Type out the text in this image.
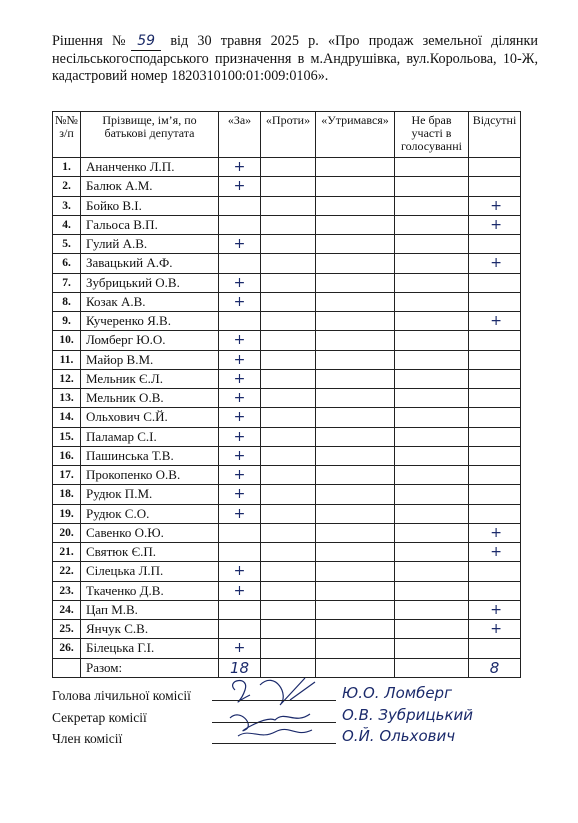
Рішення № 59 від 30 травня 2025 р. «Про продаж земельної ділянки несільськогосподарського призначення в м.Андрушівка, вул.Корольова, 10-Ж, кадастровий номер 1820310100:01:009:0106».
№№ з/п	Прізвище, ім’я, по батькові депутата	«За»	«Проти»	«Утримався»	Не брав участі в голосуванні	Відсутні
1.	Ананченко Л.П.	+				
2.	Балюк А.М.	+				
3.	Бойко В.І.					+
4.	Гальоса В.П.					+
5.	Гулий А.В.	+				
6.	Завацький А.Ф.					+
7.	Зубрицький О.В.	+				
8.	Козак А.В.	+				
9.	Кучеренко Я.В.					+
10.	Ломберг Ю.О.	+				
11.	Майор В.М.	+				
12.	Мельник Є.Л.	+				
13.	Мельник О.В.	+				
14.	Ольхович С.Й.	+				
15.	Паламар С.І.	+				
16.	Пашинська Т.В.	+				
17.	Прокопенко О.В.	+				
18.	Рудюк П.М.	+				
19.	Рудюк С.О.	+				
20.	Савенко О.Ю.					+
21.	Святюк Є.П.					+
22.	Сілецька Л.П.	+				
23.	Ткаченко Д.В.	+				
24.	Цап М.В.					+
25.	Янчук С.В.					+
26.	Білецька Г.І.	+				
	Разом:	18				8
Голова лічильної комісії	Ю.О. Ломберг
Секретар комісії	О.В. Зубрицький
Член комісії	О.Й. Ольхович
